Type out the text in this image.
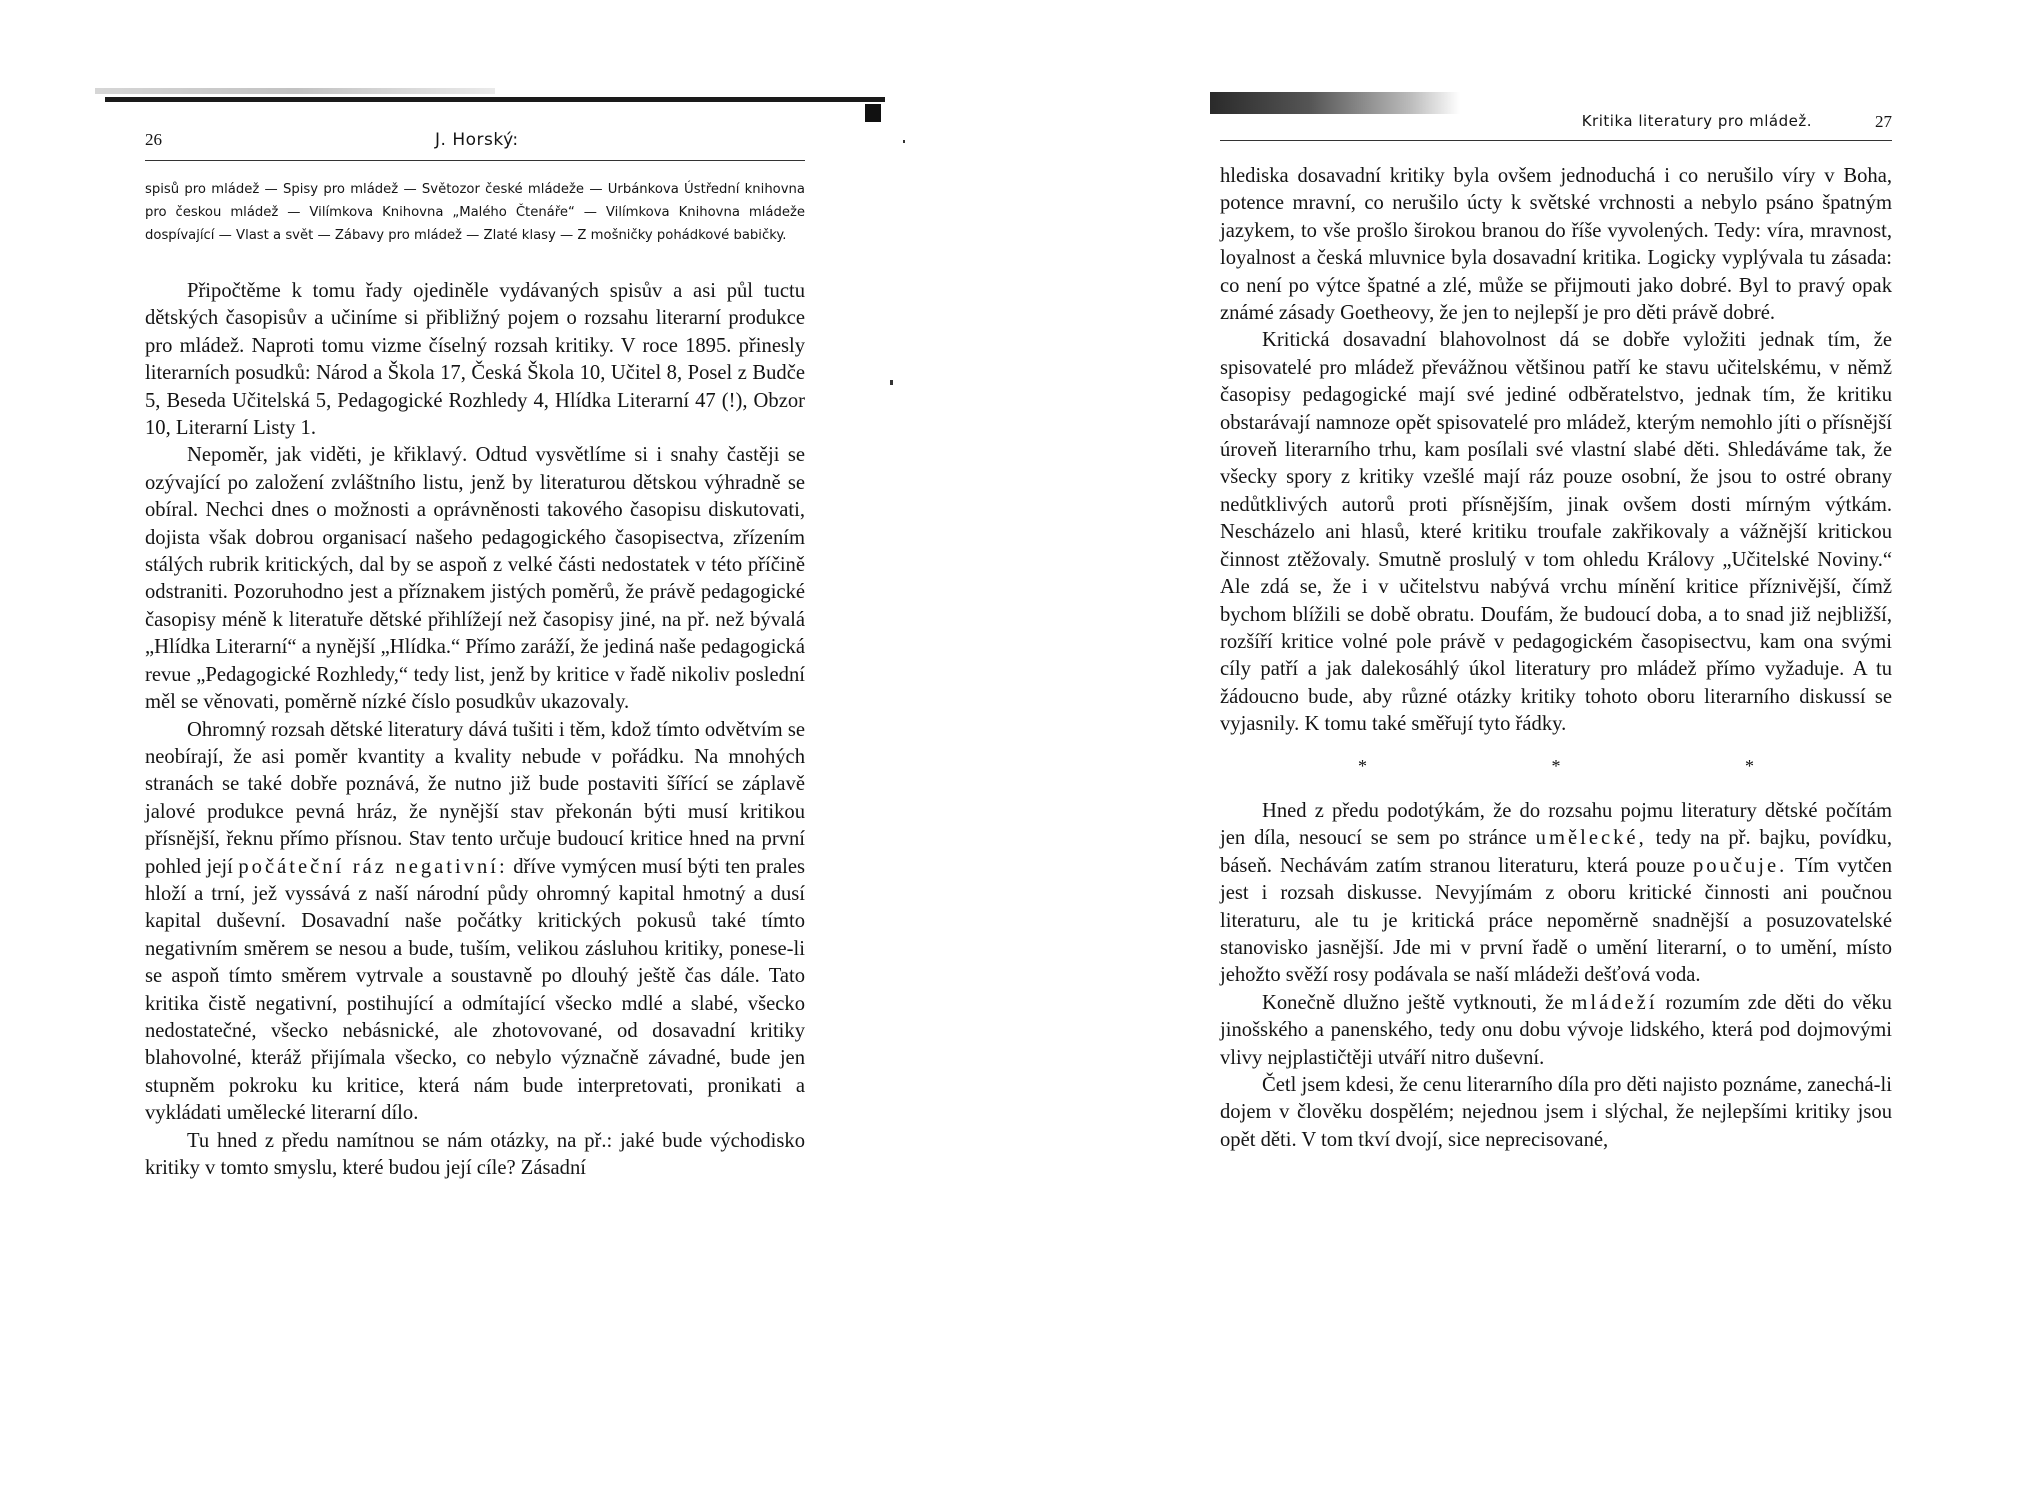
26	J. Horský:
spisů pro mládež — Spisy pro mládež — Světozor české mládeže — Urbánkova Ústřední knihovna pro českou mládež — Vilímkova Knihovna „Malého Čtenáře“ — Vilímkova Knihovna mládeže dospívající — Vlast a svět — Zábavy pro mládež — Zlaté klasy — Z mošničky pohádkové babičky.

Připočtěme k tomu řady ojediněle vydávaných spisův a asi půl tuctu dětských časopisův a učiníme si přibližný pojem o rozsahu literarní produkce pro mládež. Naproti tomu vizme číselný rozsah kritiky. V roce 1895. přinesly literarních posudků: Národ a Škola 17, Česká Škola 10, Učitel 8, Posel z Budče 5, Beseda Učitelská 5, Pedagogické Rozhledy 4, Hlídka Literarní 47 (!), Obzor 10, Literarní Listy 1.

Nepoměr, jak viděti, je křiklavý. Odtud vysvětlíme si i snahy častěji se ozývající po založení zvláštního listu, jenž by literaturou dětskou výhradně se obíral. Nechci dnes o možnosti a oprávněnosti takového časopisu diskutovati, dojista však dobrou organisací našeho pedagogického časopisectva, zřízením stálých rubrik kritických, dal by se aspoň z velké části nedostatek v této příčině odstraniti. Pozoruhodno jest a příznakem jistých poměrů, že právě pedagogické časopisy méně k literatuře dětské přihlížejí než časopisy jiné, na př. než bývalá „Hlídka Literarní“ a nynější „Hlídka.“ Přímo zaráží, že jediná naše pedagogická revue „Pedagogické Rozhledy,“ tedy list, jenž by kritice v řadě nikoliv poslední měl se věnovati, poměrně nízké číslo posudkův ukazovaly.

Ohromný rozsah dětské literatury dává tušiti i těm, kdož tímto odvětvím se neobírají, že asi poměr kvantity a kvality nebude v pořádku. Na mnohých stranách se také dobře poznává, že nutno již bude postaviti šířící se záplavě jalové produkce pevná hráz, že nynější stav překonán býti musí kritikou přísnější, řeknu přímo přísnou. Stav tento určuje budoucí kritice hned na první pohled její počáteční ráz negativní: dříve vymýcen musí býti ten prales hloží a trní, jež vyssává z naší národní půdy ohromný kapital hmotný a dusí kapital duševní. Dosavadní naše počátky kritických pokusů také tímto negativním směrem se nesou a bude, tuším, velikou zásluhou kritiky, ponese-li se aspoň tímto směrem vytrvale a soustavně po dlouhý ještě čas dále. Tato kritika čistě negativní, postihující a odmítající všecko mdlé a slabé, všecko nedostatečné, všecko nebásnické, ale zhotovované, od dosavadní kritiky blahovolné, kteráž přijímala všecko, co nebylo význačně závadné, bude jen stupněm pokroku ku kritice, která nám bude interpretovati, pronikati a vykládati umělecké literarní dílo.

Tu hned z předu namítnou se nám otázky, na př.: jaké bude východisko kritiky v tomto smyslu, které budou její cíle? Zásadní

Kritika literatury pro mládež.	27

hlediska dosavadní kritiky byla ovšem jednoduchá i co nerušilo víry v Boha, potence mravní, co nerušilo úcty k světské vrchnosti a nebylo psáno špatným jazykem, to vše prošlo širokou branou do říše vyvolených. Tedy: víra, mravnost, loyalnost a česká mluvnice byla dosavadní kritika. Logicky vyplývala tu zásada: co není po výtce špatné a zlé, může se přijmouti jako dobré. Byl to pravý opak známé zásady Goetheovy, že jen to nejlepší je pro děti právě dobré.

Kritická dosavadní blahovolnost dá se dobře vyložiti jednak tím, že spisovatelé pro mládež převážnou většinou patří ke stavu učitelskému, v němž časopisy pedagogické mají své jediné odběratelstvo, jednak tím, že kritiku obstarávají namnoze opět spisovatelé pro mládež, kterým nemohlo jíti o přísnější úroveň literarního trhu, kam posílali své vlastní slabé děti. Shledáváme tak, že všecky spory z kritiky vzešlé mají ráz pouze osobní, že jsou to ostré obrany nedůtklivých autorů proti přísnějším, jinak ovšem dosti mírným výtkám. Nescházelo ani hlasů, které kritiku troufale zakřikovaly a vážnější kritickou činnost ztěžovaly. Smutně proslulý v tom ohledu Královy „Učitelské Noviny.“ Ale zdá se, že i v učitelstvu nabývá vrchu mínění kritice příznivější, čímž bychom blížili se době obratu. Doufám, že budoucí doba, a to snad již nejbližší, rozšíří kritice volné pole právě v pedagogickém časopisectvu, kam ona svými cíly patří a jak dalekosáhlý úkol literatury pro mládež přímo vyžaduje. A tu žádoucno bude, aby různé otázky kritiky tohoto oboru literarního diskussí se vyjasnily. K tomu také směřují tyto řádky.

* * *

Hned z předu podotýkám, že do rozsahu pojmu literatury dětské počítám jen díla, nesoucí se sem po stránce umělecké, tedy na př. bajku, povídku, báseň. Nechávám zatím stranou literaturu, která pouze poučuje. Tím vytčen jest i rozsah diskusse. Nevyjímám z oboru kritické činnosti ani poučnou literaturu, ale tu je kritická práce nepoměrně snadnější a posuzovatelské stanovisko jasnější. Jde mi v první řadě o umění literarní, o to umění, místo jehožto svěží rosy podávala se naší mládeži dešťová voda.

Konečně dlužno ještě vytknouti, že mládeží rozumím zde děti do věku jinošského a panenského, tedy onu dobu vývoje lidského, která pod dojmovými vlivy nejplastičtěji utváří nitro duševní.

Četl jsem kdesi, že cenu literarního díla pro děti najisto poznáme, zanechá-li dojem v člověku dospělém; nejednou jsem i slýchal, že nejlepšími kritiky jsou opět děti. V tom tkví dvojí, sice neprecisované,
